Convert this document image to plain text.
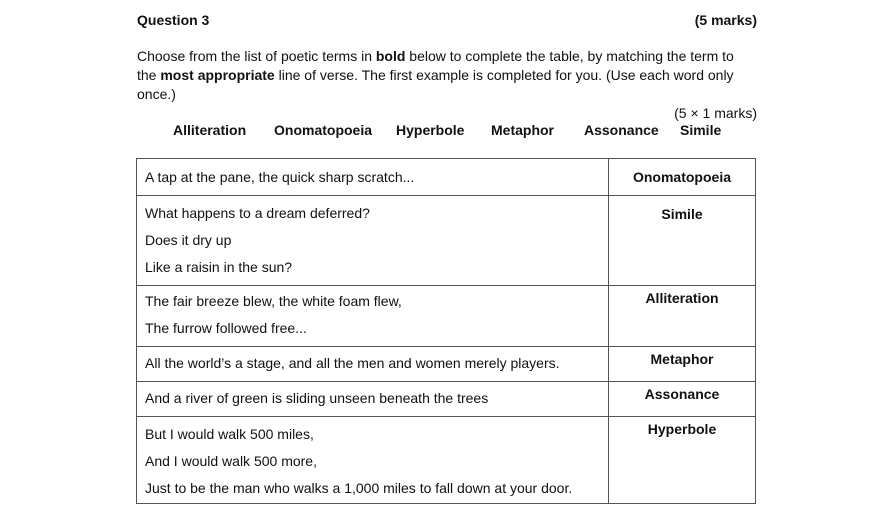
Question 3	(5 marks)
Choose from the list of poetic terms in bold below to complete the table, by matching the term to the most appropriate line of verse. The first example is completed for you. (Use each word only once.)
(5 × 1 marks)
Alliteration Onomatopoeia Hyperbole Metaphor Assonance Simile
A tap at the pane, the quick sharp scratch...	Onomatopoeia

What happens to a dream deferred?
Does it dry up
Like a raisin in the sun?	Simile

The fair breeze blew, the white foam flew,
The furrow followed free...	Alliteration

All the world’s a stage, and all the men and women merely players.	Metaphor

And a river of green is sliding unseen beneath the trees	Assonance

But I would walk 500 miles,
And I would walk 500 more,
Just to be the man who walks a 1,000 miles to fall down at your door.	Hyperbole
